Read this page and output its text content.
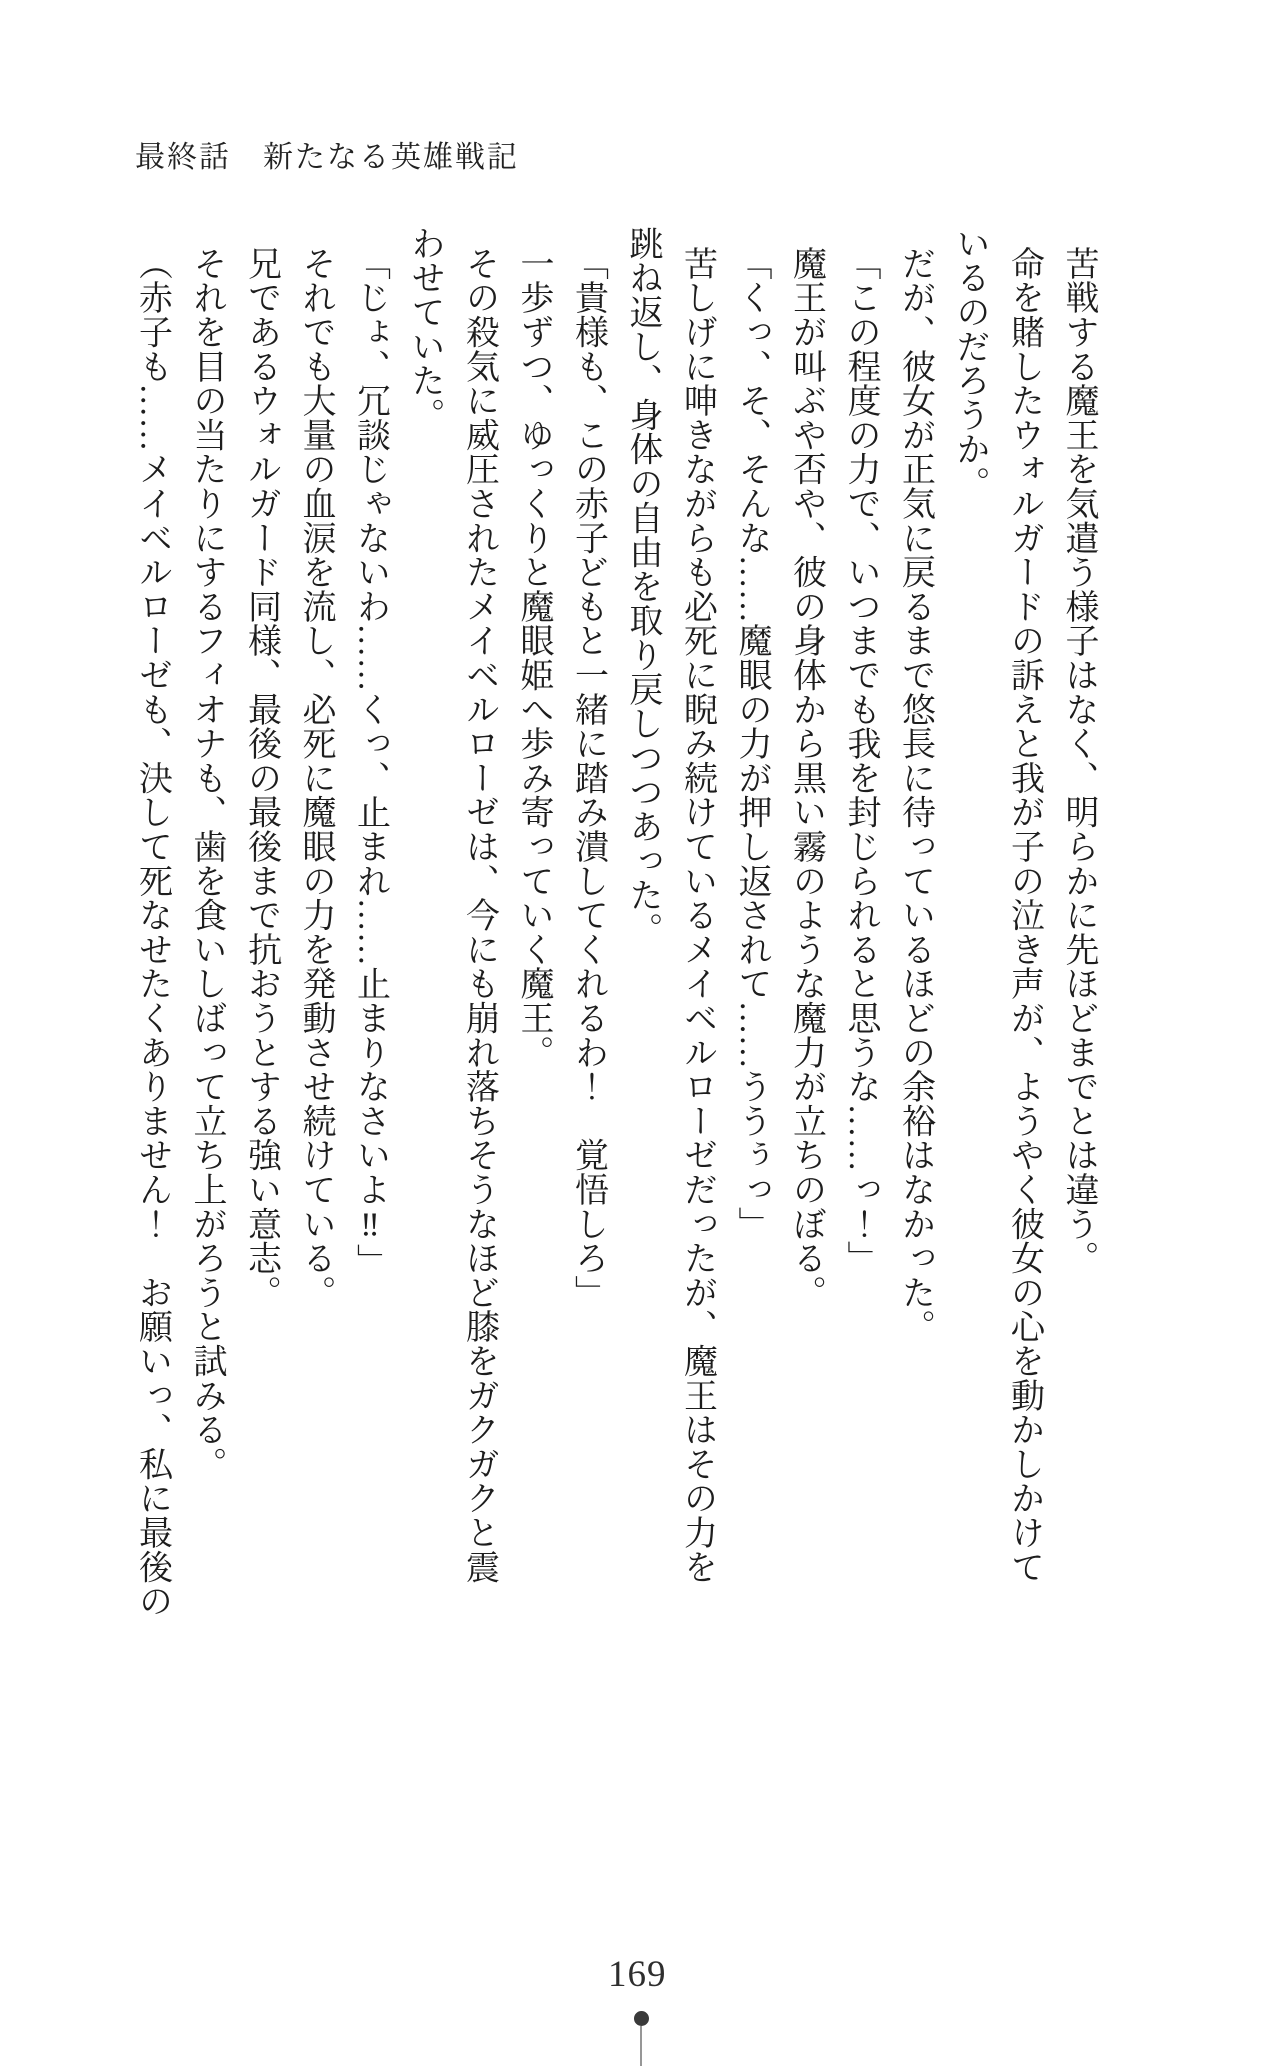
最終話　新たなる英雄戦記
苦戦する魔王を気遣う様子はなく、明らかに先ほどまでとは違う。
命を賭したウォルガードの訴えと我が子の泣き声が、ようやく彼女の心を動かしかけて
いるのだろうか。
だが、彼女が正気に戻るまで悠長に待っているほどの余裕はなかった。
「この程度の力で、いつまでも我を封じられると思うな……っ！」
魔王が叫ぶや否や、彼の身体から黒い霧のような魔力が立ちのぼる。
「くっ、そ、そんな……魔眼の力が押し返されて……ううぅっ」
苦しげに呻きながらも必死に睨み続けているメイベルローゼだったが、魔王はその力を
跳ね返し、身体の自由を取り戻しつつあった。
「貴様も、この赤子どもと一緒に踏み潰してくれるわ！　覚悟しろ」
一歩ずつ、ゆっくりと魔眼姫へ歩み寄っていく魔王。
その殺気に威圧されたメイベルローゼは、今にも崩れ落ちそうなほど膝をガクガクと震
わせていた。
「じょ、冗談じゃないわ……くっ、止まれ……止まりなさいよ‼」
それでも大量の血涙を流し、必死に魔眼の力を発動させ続けている。
兄であるウォルガード同様、最後の最後まで抗おうとする強い意志。
それを目の当たりにするフィオナも、歯を食いしばって立ち上がろうと試みる。
（赤子も……メイベルローゼも、決して死なせたくありません！　お願いっ、私に最後の
169
